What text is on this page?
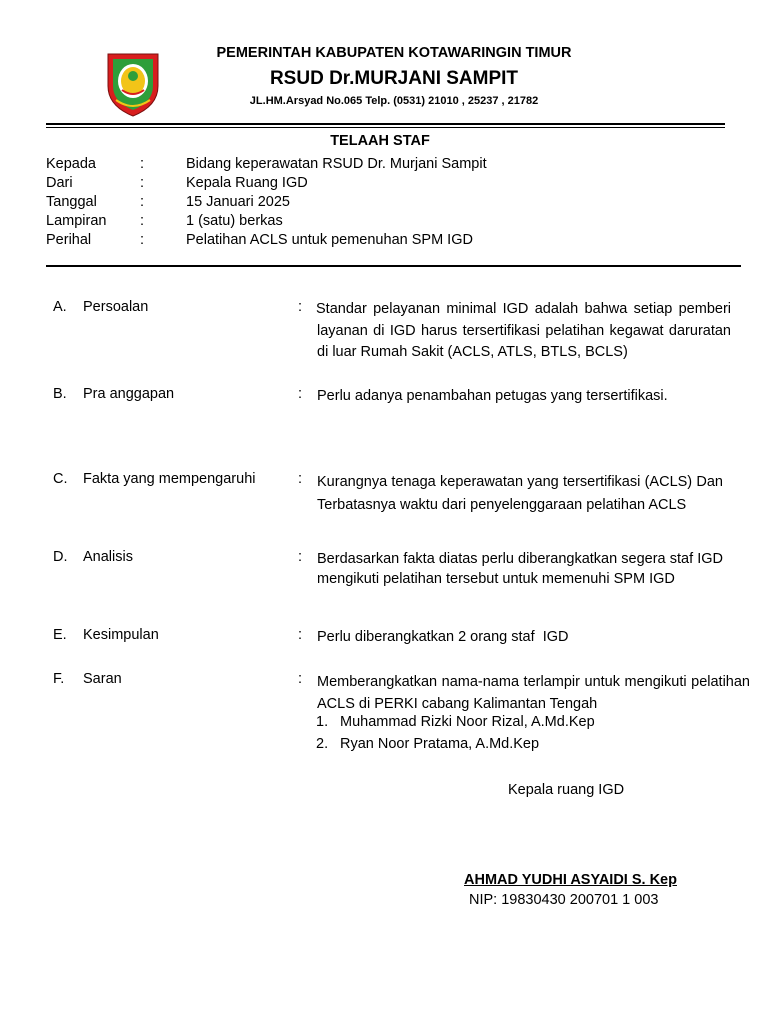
PEMERINTAH KABUPATEN KOTAWARINGIN TIMUR
RSUD Dr.MURJANI SAMPIT
JL.HM.Arsyad No.065 Telp. (0531) 21010 , 25237 , 21782
TELAAH STAF
Kepada	:	Bidang keperawatan RSUD Dr. Murjani Sampit
Dari	:	Kepala Ruang IGD
Tanggal	:	15 Januari 2025
Lampiran :	1 (satu) berkas
Perihal	:	Pelatihan ACLS untuk pemenuhan SPM IGD
A. Persoalan	: Standar pelayanan minimal IGD adalah bahwa setiap pemberi layanan di IGD harus tersertifikasi pelatihan kegawat daruratan di luar Rumah Sakit (ACLS, ATLS, BTLS, BCLS)
B. Pra anggapan	: Perlu adanya penambahan petugas yang tersertifikasi.
C. Fakta yang mempengaruhi	: Kurangnya tenaga keperawatan yang tersertifikasi (ACLS) Dan Terbatasnya waktu dari penyelenggaraan pelatihan ACLS
D. Analisis	: Berdasarkan fakta diatas perlu diberangkatkan segera staf IGD mengikuti pelatihan tersebut untuk memenuhi SPM IGD
E. Kesimpulan	: Perlu diberangkatkan 2 orang staf  IGD
F. Saran	: Memberangkatkan nama-nama terlampir untuk mengikuti pelatihan ACLS di PERKI cabang Kalimantan Tengah
1. Muhammad Rizki Noor Rizal, A.Md.Kep
2. Ryan Noor Pratama, A.Md.Kep
Kepala ruang IGD
AHMAD YUDHI ASYAIDI S. Kep
NIP: 19830430 200701 1 003
